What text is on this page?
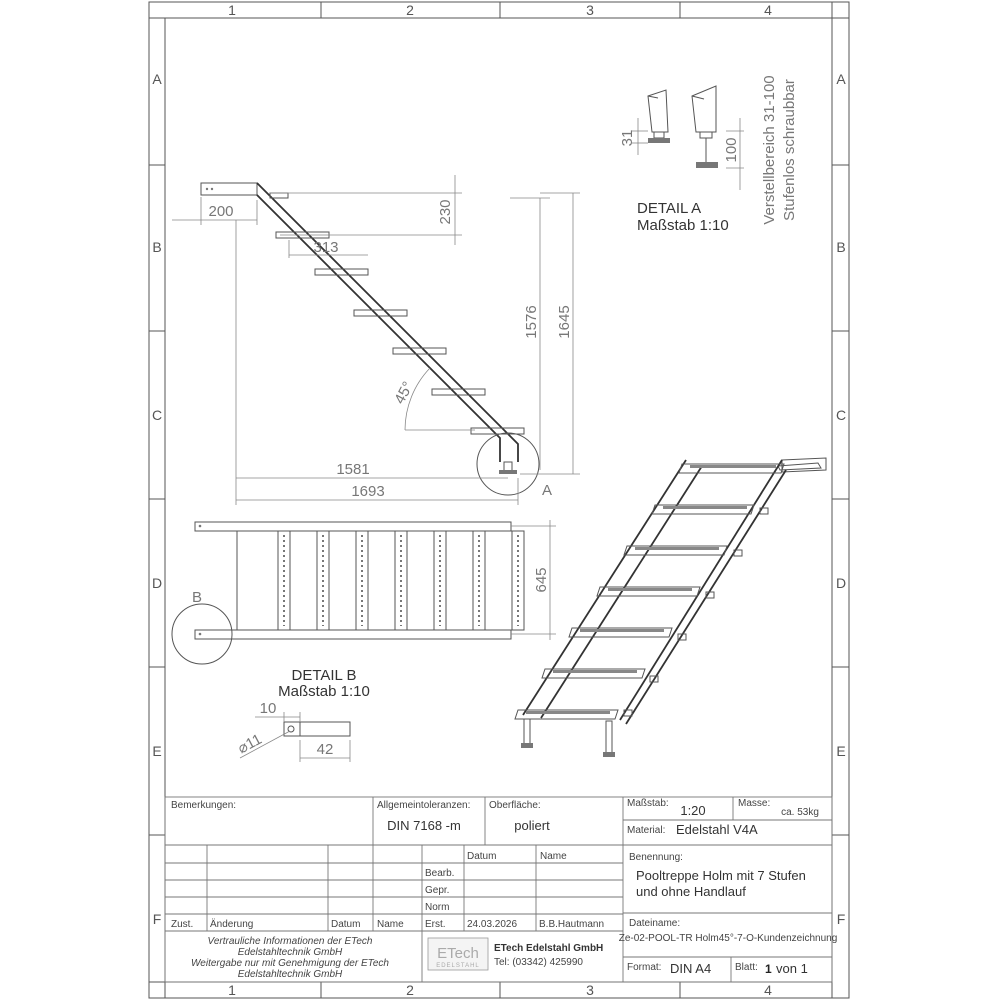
1	2	3	4
1	2	3	4
A
B
C
D
E
F
A
B
C
D
E
F
A
200	230
313
45°
1576 1645
1581
1693
31	100 Verstellbereich 31-100 Stufenlos schraubbar
DETAIL A
Maßstab 1:10
645
B
DETAIL B
Maßstab 1:10
10
⌀11	42
Bemerkungen:	Allgemeintoleranzen:
DIN 7168 -m
Oberfläche:
poliert
Maßstab: 1:20	Masse:
ca. 53kg
Material: Edelstahl V4A
Datum	Name
Bearb.
Gepr.
Norm
Erst. 24.03.2026 B.B.Hautmann
Zust. Änderung	Datum Name
Benennung:
Pooltreppe Holm mit 7 Stufen
und ohne Handlauf
Dateiname:
Ze-02-POOL-TR Holm45°-7-O-Kundenzeichnung
Vertrauliche Informationen der ETech
Edelstahltechnik GmbH
Weitergabe nur mit Genehmigung der ETech
Edelstahltechnik GmbH
ETech
EDELSTAHL
ETech Edelstahl GmbH
Tel: (03342) 425990	Format: DIN A4 Blatt: 1 von 1
